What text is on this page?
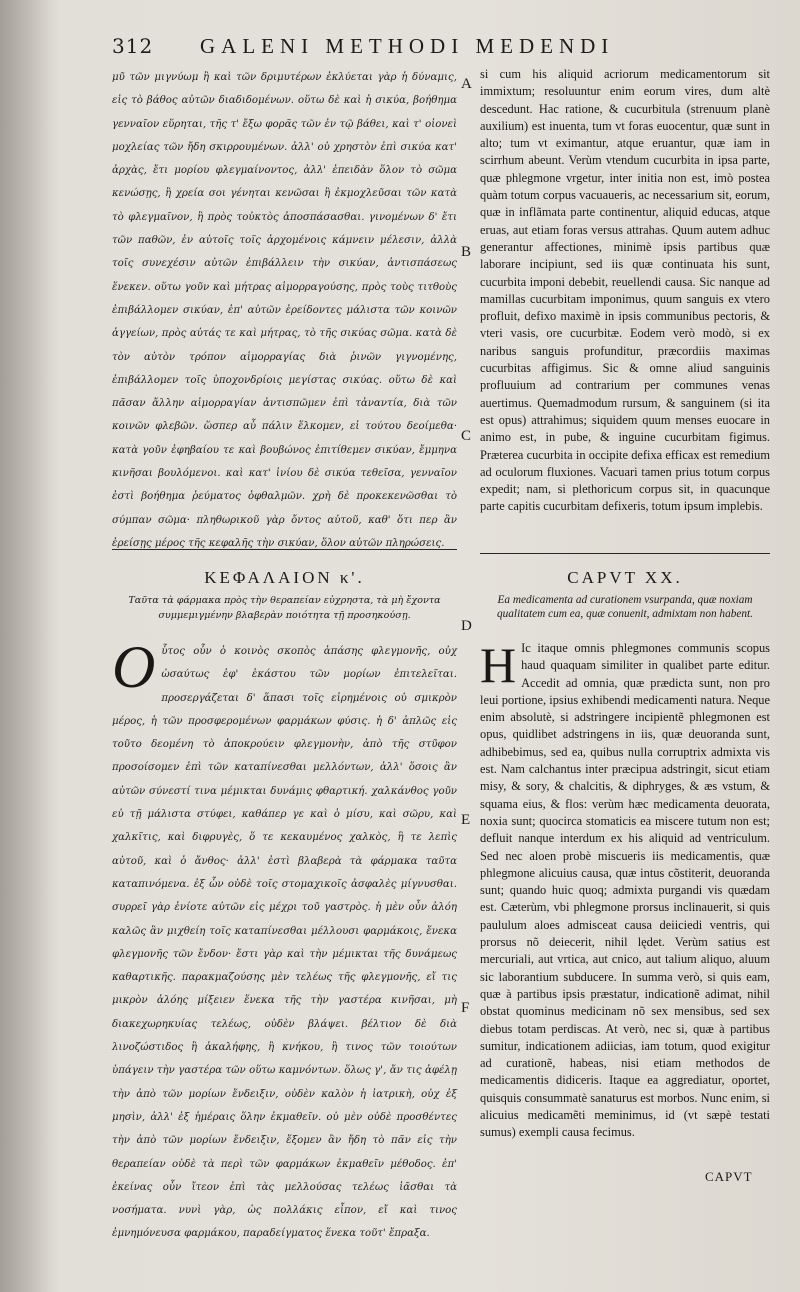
312 GALENI METHODI MEDENDI
μῦ τῶν μιγνύωμ ἢ καὶ τῶν δριμυτέρων ἐκλύεται γὰρ ἡ δύναμις, εἰς τὸ βάθος αὐτῶν διαδιδομένων. οὕτω δὲ καὶ ἡ σικύα, βοήθημα γενναῖον εὕρηται, τῆς τ' ἔξω φορᾶς τῶν ἐν τῷ βάθει, καὶ τ' οἰονεὶ μοχλείας τῶν ἤδη σκιρρουμένων. ἀλλ' οὐ χρηστὸν ἐπὶ σικύα κατ' ἀρχὰς, ἔτι μορίου φλεγμαίνοντος, ἀλλ' ἐπειδὰν ὅλον τὸ σῶμα κενώσῃς, ἢ χρεία σοι γένηται κενῶσαι ἢ ἐκμοχλεῦσαι τῶν κατὰ τὸ φλεγμαῖνον, ἢ πρὸς τοὐκτὸς ἀποσπάσασθαι. γινομένων δ' ἔτι τῶν παθῶν, ἐν αὐτοῖς τοῖς ἀρχομένοις κάμνειν μέλεσιν, ἀλλὰ τοῖς συνεχέσιν αὐτῶν ἐπιβάλλειν τὴν σικύαν, ἀντισπάσεως ἕνεκεν. οὕτω γοῦν καὶ μήτρας αἱμορραγούσης, πρὸς τοὺς τιτθοὺς ἐπιβάλλομεν σικύαν, ἐπ' αὐτῶν ἐρείδοντες μάλιστα τῶν κοινῶν ἀγγείων, πρὸς αὐτάς τε καὶ μήτρας, τὸ τῆς σικύας σῶμα. κατὰ δὲ τὸν αὐτὸν τρόπον αἱμορραγίας διὰ ῥινῶν γιγνομένης, ἐπιβάλλομεν τοῖς ὑποχονδρίοις μεγίστας σικύας. οὕτω δὲ καὶ πᾶσαν ἄλλην αἱμορραγίαν ἀντισπῶμεν ἐπὶ τἀναντία, διὰ τῶν κοινῶν φλεβῶν. ὥσπερ αὖ πάλιν ἕλκομεν, εἰ τούτου δεοίμεθα· κατὰ γοῦν ἐφηβαίου τε καὶ βουβώνος ἐπιτίθεμεν σικύαν, ἔμμηνα κινῆσαι βουλόμενοι. καὶ κατ' ἰνίου δὲ σικύα τεθεῖσα, γενναῖον ἐστὶ βοήθημα ῥεύματος ὀφθαλμῶν. χρὴ δὲ προκεκενῶσθαι τὸ σύμπαν σῶμα· πληθωρικοῦ γὰρ ὄντος αὐτοῦ, καθ' ὅτι περ ἂν ἐρείσῃς μέρος τῆς κεφαλῆς τὴν σικύαν, ὅλον αὐτῶν πληρώσεις.
si cum his aliquid acriorum medicamentorum sit immixtum; resoluuntur enim eorum vires, dum altè descedunt. Hac ratione, & cucurbitula (strenuum planè auxilium) est inuenta, tum vt foras euocentur, quæ sunt in alto; tum vt eximantur, atque eruantur, quæ iam in scirrhum abeunt. Verùm vtendum cucurbita in ipsa parte, quæ phlegmone vrgetur, inter initia non est, imò postea quàm totum corpus vacuaueris, ac necessarium sit, eorum, quæ in inflãmata parte continentur, aliquid educas, atque eruas, aut etiam foras versus attrahas. Quum autem adhuc generantur affectiones, minimè ipsis partibus quæ laborare incipiunt, sed iis quæ continuata his sunt, cucurbita imponi debebit, reuellendi causa. Sic nanque ad mamillas cucurbitam imponimus, quum sanguis ex vtero profluit, defixo maximè in ipsis communibus pectoris, & vteri vasis, ore cucurbitæ. Eodem verò modò, si ex naribus sanguis profunditur, præcordiis maximas cucurbitas affigimus. Sic & omne aliud sanguinis profluuium ad contrarium per communes venas auertimus. Quemadmodum rursum, & sanguinem (si ita est opus) attrahimus; siquidem quum menses euocare in animo est, in pube, & inguine cucurbitam figimus. Præterea cucurbita in occipite defixa efficax est remedium ad oculorum fluxiones. Vacuari tamen prius totum corpus expedit; nam, si plethoricum corpus sit, in quacunque parte capitis cucurbitam defixeris, totum ipsum implebis.
ΚΕΦΑΛΑΙΟΝ κ'.
Ταῦτα τὰ φάρμακα πρὸς τὴν θεραπείαν εὐχρηστα, τὰ μὴ ἔχοντα συμμεμιγμένην βλαβερὰν ποιότητα τῇ προσηκούσῃ.
CAPVT XX.
Ea medicamenta ad curationem vsurpanda, quæ noxiam qualitatem cum ea, quæ conuenit, admixtam non habent.
Οὗτος οὖν ὁ κοινὸς σκοπὸς ἁπάσης φλεγμονῆς, οὐχ ὡσαύτως ἐφ' ἑκάστου τῶν μορίων ἐπιτελεῖται. προσεργάζεται δ' ἅπασι τοῖς εἰρημένοις οὐ σμικρὸν μέρος, ἡ τῶν προσφερομένων φαρμάκων φύσις. ἡ δ' ἁπλῶς εἰς τοῦτο δεομένη τὸ ἀποκρούειν φλεγμονὴν, ἀπὸ τῆς στῦφον προσοίσομεν ἐπὶ τῶν καταπίνεσθαι μελλόντων, ἀλλ' ὅσοις ἂν αὐτῶν σύνεστί τινα μέμικται δυνάμις φθαρτική. χαλκάνθος γοῦν εὐ τῇ μάλιστα στύφει, καθάπερ γε καὶ ὁ μίσυ, καὶ σῶρυ, καὶ χαλκῖτις, καὶ διφρυγὲς, ὅ τε κεκαυμένος χαλκὸς, ἣ τε λεπὶς αὐτοῦ, καὶ ὁ ἄνθος· ἀλλ' ἐστὶ βλαβερὰ τὰ φάρμακα ταῦτα καταπινόμενα. ἐξ ὧν οὐδὲ τοῖς στομαχικοῖς ἀσφαλὲς μίγνυσθαι. συρρεῖ γὰρ ἐνίοτε αὐτῶν εἰς μέχρι τοῦ γαστρὸς. ἡ μὲν οὖν ἀλόη καλῶς ἂν μιχθείη τοῖς καταπίνεσθαι μέλλουσι φαρμάκοις, ἕνεκα φλεγμονῆς τῶν ἔνδον· ἔστι γὰρ καὶ τὴν μέμικται τῆς δυνάμεως καθαρτικῆς. παρακμαζούσης μὲν τελέως τῆς φλεγμονῆς, εἴ τις μικρὸν ἀλόης μίξειεν ἕνεκα τῆς τὴν γαστέρα κινῆσαι, μὴ διακεχωρηκυίας τελέως, οὐδὲν βλάψει. βέλτιον δὲ διὰ λινοζώστιδος ἢ ἀκαλήφης, ἢ κνήκου, ἢ τινος τῶν τοιούτων ὑπάγειν τὴν γαστέρα τῶν οὕτω καμνόντων. ὅλως γ', ἄν τις ἀφέλῃ τὴν ἀπὸ τῶν μορίων ἔνδειξιν, οὐδὲν καλὸν ἡ ἰατρικὴ, οὐχ ἐξ μησὶν, ἀλλ' ἐξ ἡμέραις ὅλην ἐκμαθεῖν. οὐ μὲν οὐδὲ προσθέντες τὴν ἀπὸ τῶν μορίων ἔνδειξιν, ἕξομεν ἂν ἤδη τὸ πᾶν εἰς τὴν θεραπείαν οὐδὲ τὰ περὶ τῶν φαρμάκων ἐκμαθεῖν μέθοδος. ἐπ' ἐκείνας οὖν ἴτεον ἐπὶ τὰς μελλούσας τελέως ἰᾶσθαι τὰ νοσήματα. νυνὶ γὰρ, ὡς πολλάκις εἶπον, εἴ καὶ τινος ἐμνημόνευσα φαρμάκου, παραδείγματος ἕνεκα τοῦτ' ἔπραξα.
H Ic itaque omnis phlegmones communis scopus haud quaquam similiter in qualibet parte editur. Accedit ad omnia, quæ prædicta sunt, non pro leui portione, ipsius exhibendi medicamenti natura. Neque enim absolutè, si adstringere incipientẽ phlegmonen est opus, quidlibet adstringens in iis, quæ deuoranda sunt, adhibebimus, sed ea, quibus nulla corruptrix admixta vis est. Nam calchantus inter præcipua adstringit, sicut etiam misy, & sory, & chalcitis, & diphryges, & æs vstum, & squama eius, & flos: verùm hæc medicamenta deuorata, noxia sunt; quocirca stomaticis ea miscere tutum non est; defluit nanque interdum ex his aliquid ad ventriculum. Sed nec aloen probè miscueris iis medicamentis, quæ phlegmone alicuius causa, quæ intus cõstiterit, deuoranda sunt; quando huic quoq; admixta purgandi vis quædam est. Cæterùm, vbi phlegmone prorsus inclinauerit, si quis paululum aloes admisceat causa deiiciedi ventris, qui prorsus nõ deiecerit, nihil lędet. Verùm satius est mercuriali, aut vrtica, aut cnico, aut talium aliquo, aluum sic laborantium subducere. In summa verò, si quis eam, quæ à partibus ipsis præstatur, indicationẽ adimat, nihil obstat quominus medicinam nõ sex mensibus, sed sex diebus totam perdiscas. At verò, nec si, quæ à partibus sumitur, indicationem adiicias, iam totum, quod exigitur ad curationẽ, habeas, nisi etiam methodos de medicamentis didiceris. Itaque ea aggrediatur, oportet, quisquis consummatè sanaturus est morbos. Nunc enim, si alicuius medicamẽti meminimus, id (vt sæpè testati sumus) exempli causa fecimus.
A
B
C
D
E
F
CAPVT
